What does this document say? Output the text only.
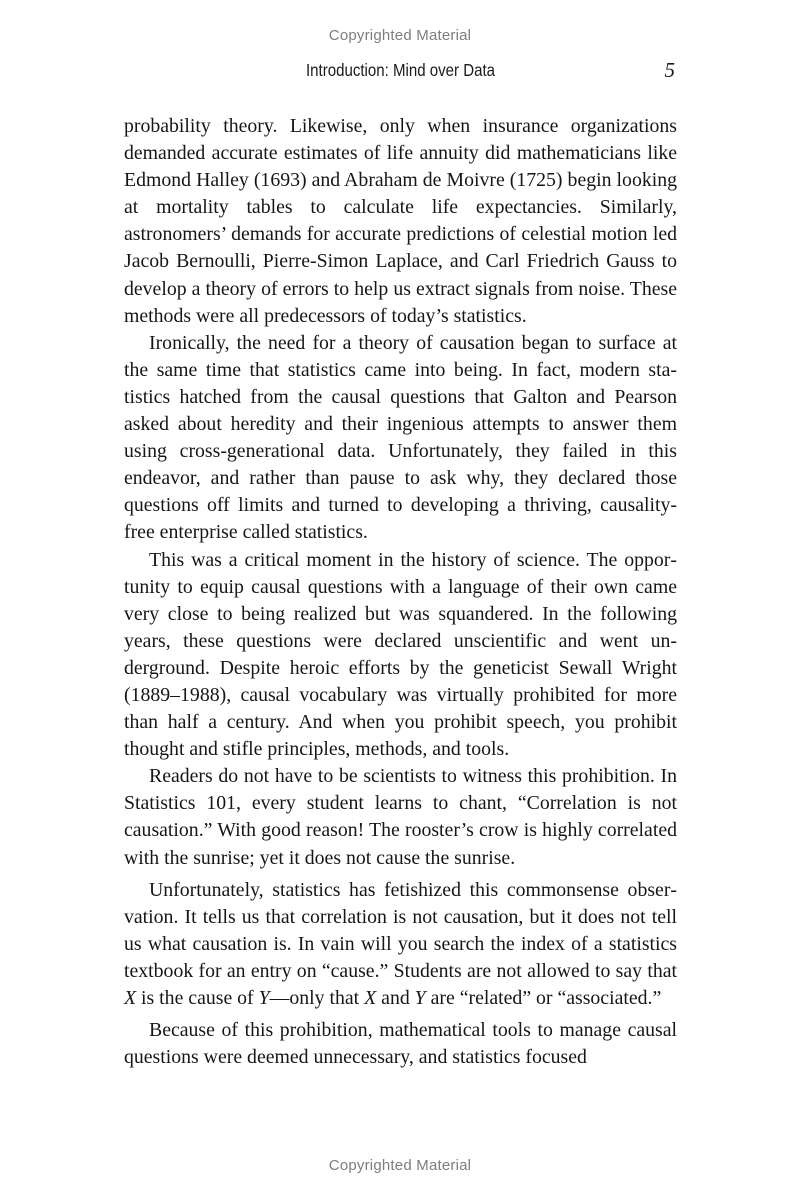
Copyrighted Material
Introduction: Mind over Data	5

probability theory. Likewise, only when insurance organizations demanded accurate estimates of life annuity did mathematicians like Edmond Halley (1693) and Abraham de Moivre (1725) begin looking at mortality tables to calculate life expectancies. Similarly, astronomers’ demands for accurate predictions of celestial motion led Jacob Bernoulli, Pierre-Simon Laplace, and Carl Friedrich Gauss to develop a theory of errors to help us extract signals from noise. These methods were all predecessors of today’s statistics.

Ironically, the need for a theory of causation began to surface at the same time that statistics came into being. In fact, modern statistics hatched from the causal questions that Galton and Pearson asked about heredity and their ingenious attempts to answer them using cross-generational data. Unfortunately, they failed in this endeavor, and rather than pause to ask why, they declared those questions off limits and turned to developing a thriving, causality-free enterprise called statistics.

This was a critical moment in the history of science. The opportunity to equip causal questions with a language of their own came very close to being realized but was squandered. In the following years, these questions were declared unscientific and went underground. Despite heroic efforts by the geneticist Sewall Wright (1889–1988), causal vocabulary was virtually prohibited for more than half a century. And when you prohibit speech, you prohibit thought and stifle principles, methods, and tools.

Readers do not have to be scientists to witness this prohibition. In Statistics 101, every student learns to chant, “Correlation is not causation.” With good reason! The rooster’s crow is highly correlated with the sunrise; yet it does not cause the sunrise.

Unfortunately, statistics has fetishized this commonsense observation. It tells us that correlation is not causation, but it does not tell us what causation is. In vain will you search the index of a statistics textbook for an entry on “cause.” Students are not allowed to say that X is the cause of Y—only that X and Y are “related” or “associated.”

Because of this prohibition, mathematical tools to manage causal questions were deemed unnecessary, and statistics focused

Copyrighted Material
